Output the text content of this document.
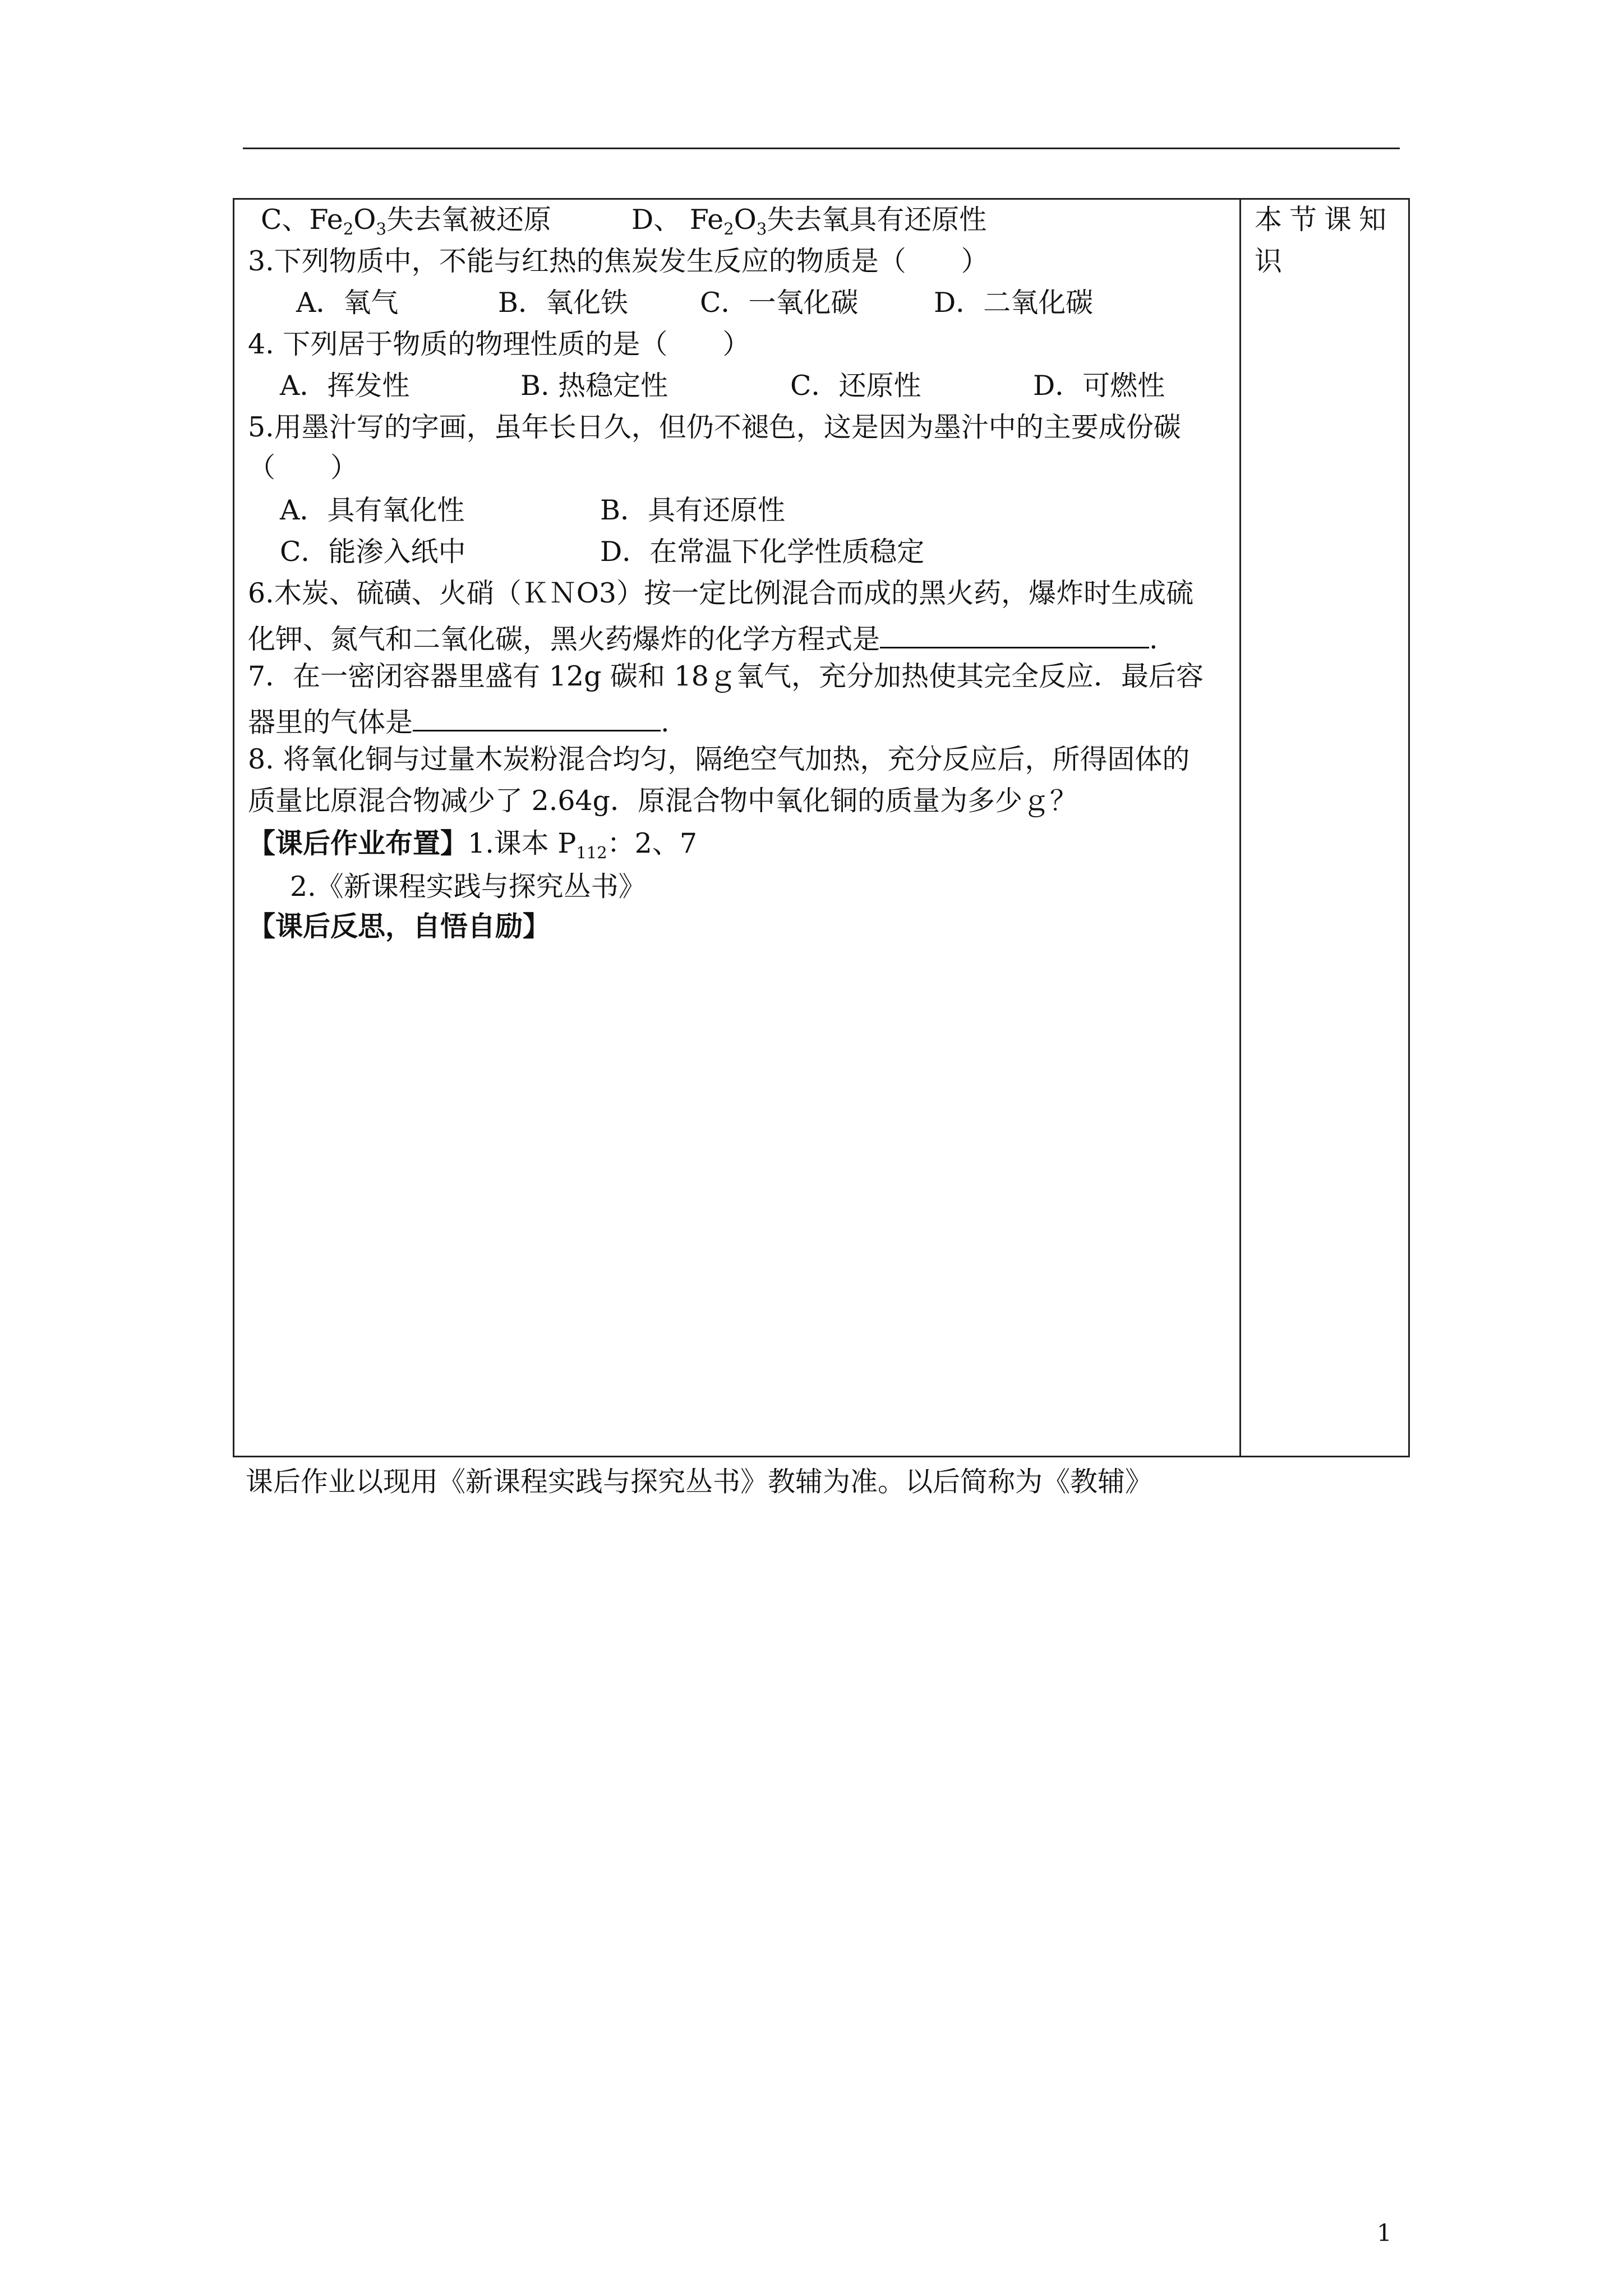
C、$Fe_2O_3$失去氧被还原	D、 $Fe_2O_3$失去氧具有还原性
3.下列物质中，不能与红热的焦炭发生反应的物质是（　　）
A．氧气	B．氧化铁	C．一氧化碳	D．二氧化碳
4. 下列居于物质的物理性质的是（　　）
A．挥发性	B. 热稳定性	C．还原性	D．可燃性
5.用墨汁写的字画，虽年长日久，但仍不褪色，这是因为墨汁中的主要成份碳
（　　）
A．具有氧化性	B．具有还原性
C．能渗入纸中	D．在常温下化学性质稳定
6.木炭、硫磺、火硝（ＫＮO3）按一定比例混合而成的黑火药，爆炸时生成硫
化钾、氮气和二氧化碳，黑火药爆炸的化学方程式是	.
7．在一密闭容器里盛有 12g 碳和 18ｇ氧气，充分加热使其完全反应．最后容
器里的气体是	.
8. 将氧化铜与过量木炭粉混合均匀，隔绝空气加热，充分反应后，所得固体的
质量比原混合物减少了 2.64g．原混合物中氧化铜的质量为多少ｇ？
【课后作业布置】1.课本 $P_{112}$：2、7
2.《新课程实践与探究丛书》
【课后反思，自悟自励】
本节课知
识
课后作业以现用《新课程实践与探究丛书》教辅为准。以后简称为《教辅》
1
